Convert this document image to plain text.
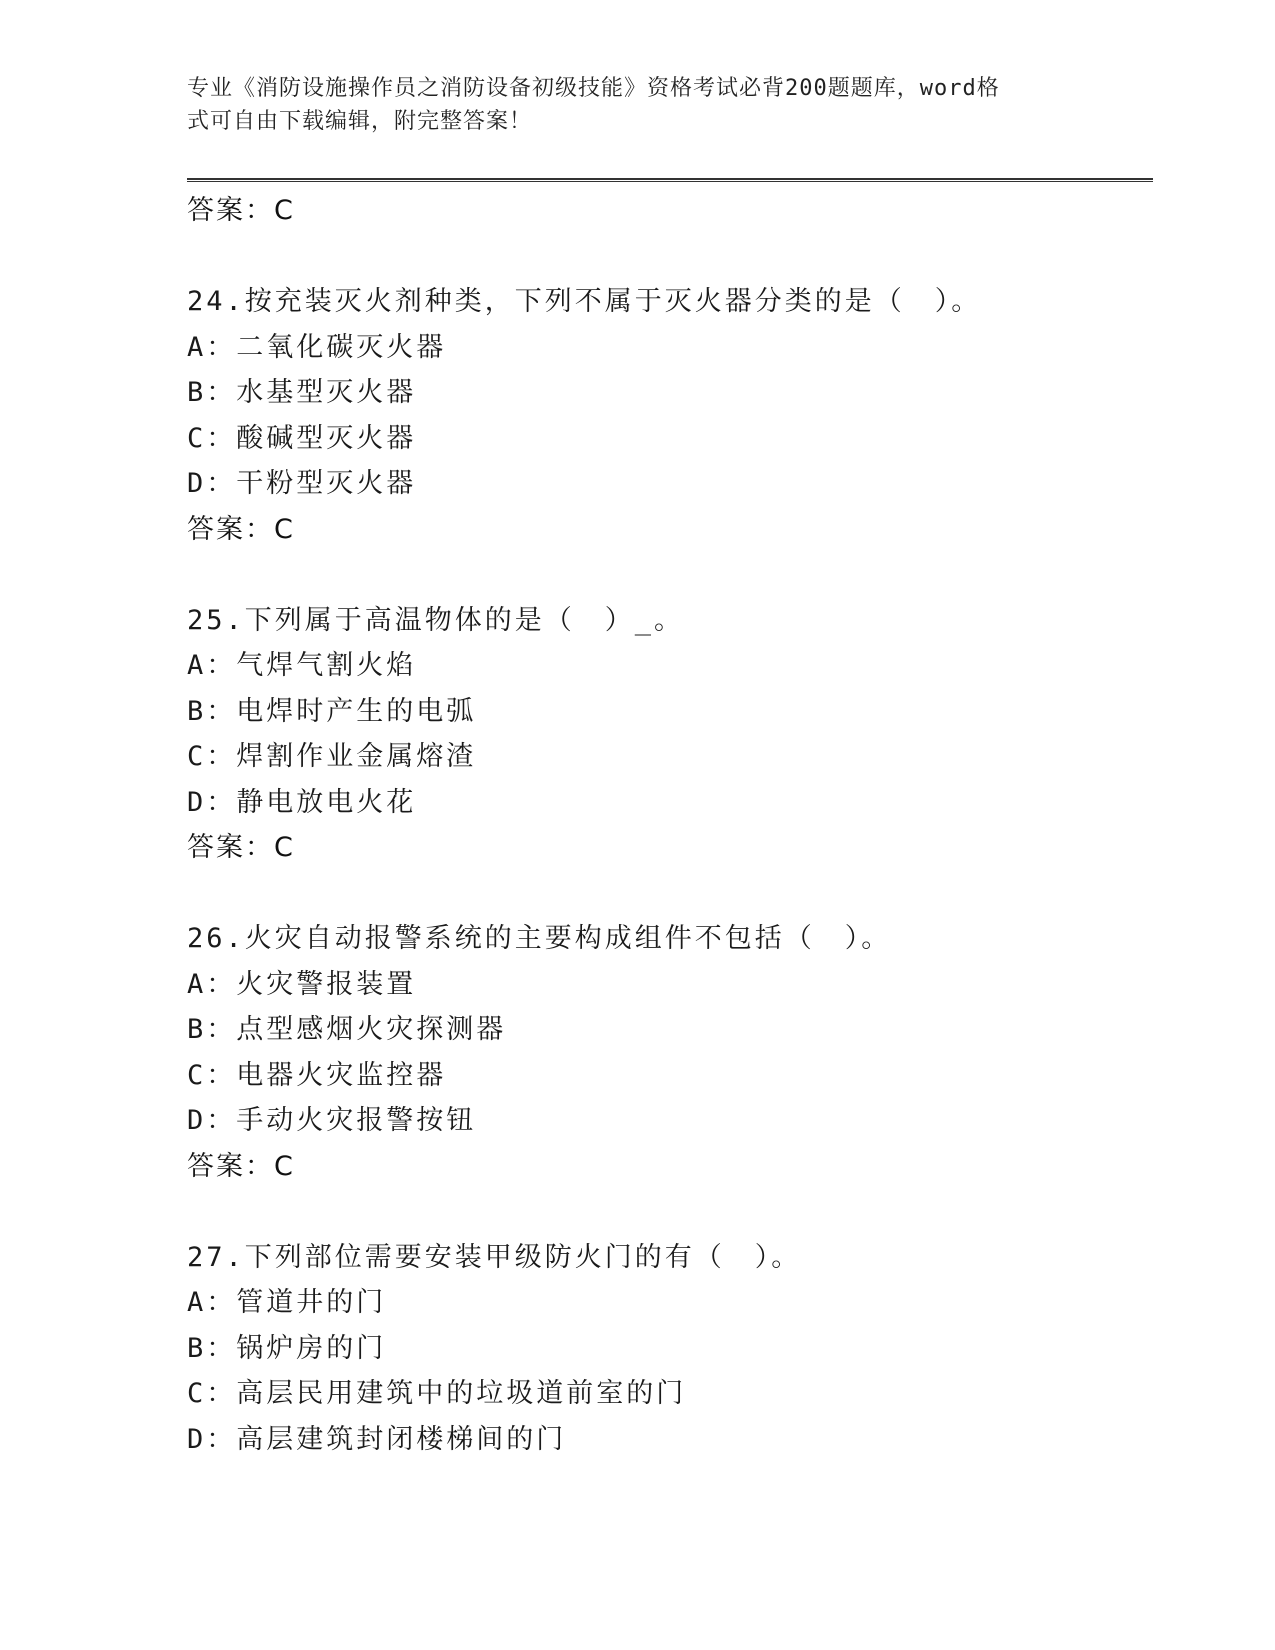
专业《消防设施操作员之消防设备初级技能》资格考试必背200题题库，word格
式可自由下载编辑，附完整答案！
答案：C
24.按充装灭火剂种类，下列不属于灭火器分类的是（　）。
A：二氧化碳灭火器
B：水基型灭火器
C：酸碱型灭火器
D：干粉型灭火器
答案：C
25.下列属于高温物体的是（　）_。
A：气焊气割火焰
B：电焊时产生的电弧
C：焊割作业金属熔渣
D：静电放电火花
答案：C
26.火灾自动报警系统的主要构成组件不包括（　）。
A：火灾警报装置
B：点型感烟火灾探测器
C：电器火灾监控器
D：手动火灾报警按钮
答案：C
27.下列部位需要安装甲级防火门的有（　）。
A：管道井的门
B：锅炉房的门
C：高层民用建筑中的垃圾道前室的门
D：高层建筑封闭楼梯间的门
